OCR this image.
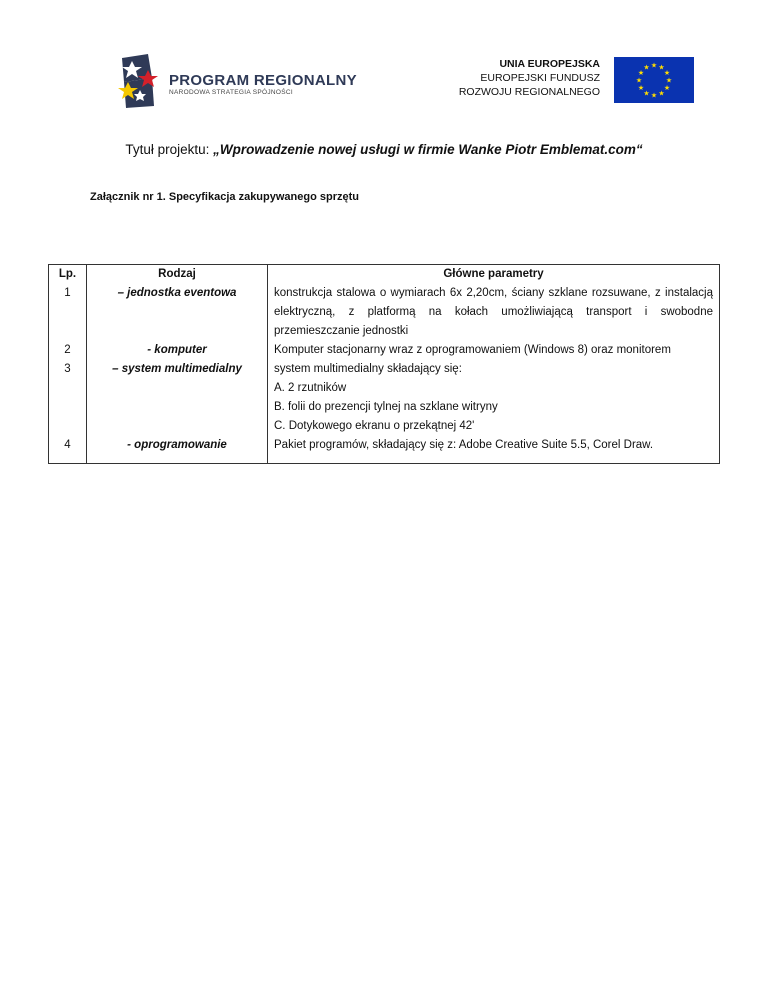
PROGRAM REGIONALNY
NARODOWA STRATEGIA SPÓJNOŚCI
UNIA EUROPEJSKA
EUROPEJSKI FUNDUSZ
ROZWOJU REGIONALNEGO
★ ★
★
★
★
★
★
★
★
★
★
★
Tytuł projektu: „Wprowadzenie nowej usługi w firmie Wanke Piotr Emblemat.com“
Załącznik nr 1. Specyfikacja zakupywanego sprzętu
Lp.	Rodzaj	Główne parametry
1	– jednostka eventowa	konstrukcja stalowa o wymiarach 6x 2,20cm, ściany szklane rozsuwane, z instalacją elektryczną, z platformą na kołach umożliwiającą transport i swobodne przemieszczanie jednostki

2	- komputer	Komputer stacjonarny wraz z oprogramowaniem (Windows 8) oraz monitorem

3	– system multimedialny	system multimedialny składający się:
A. 2 rzutników
B. folii do prezencji tylnej na szklane witryny
C. Dotykowego ekranu o przekątnej 42'

4	- oprogramowanie	Pakiet programów, składający się z: Adobe Creative Suite 5.5, Corel Draw.
